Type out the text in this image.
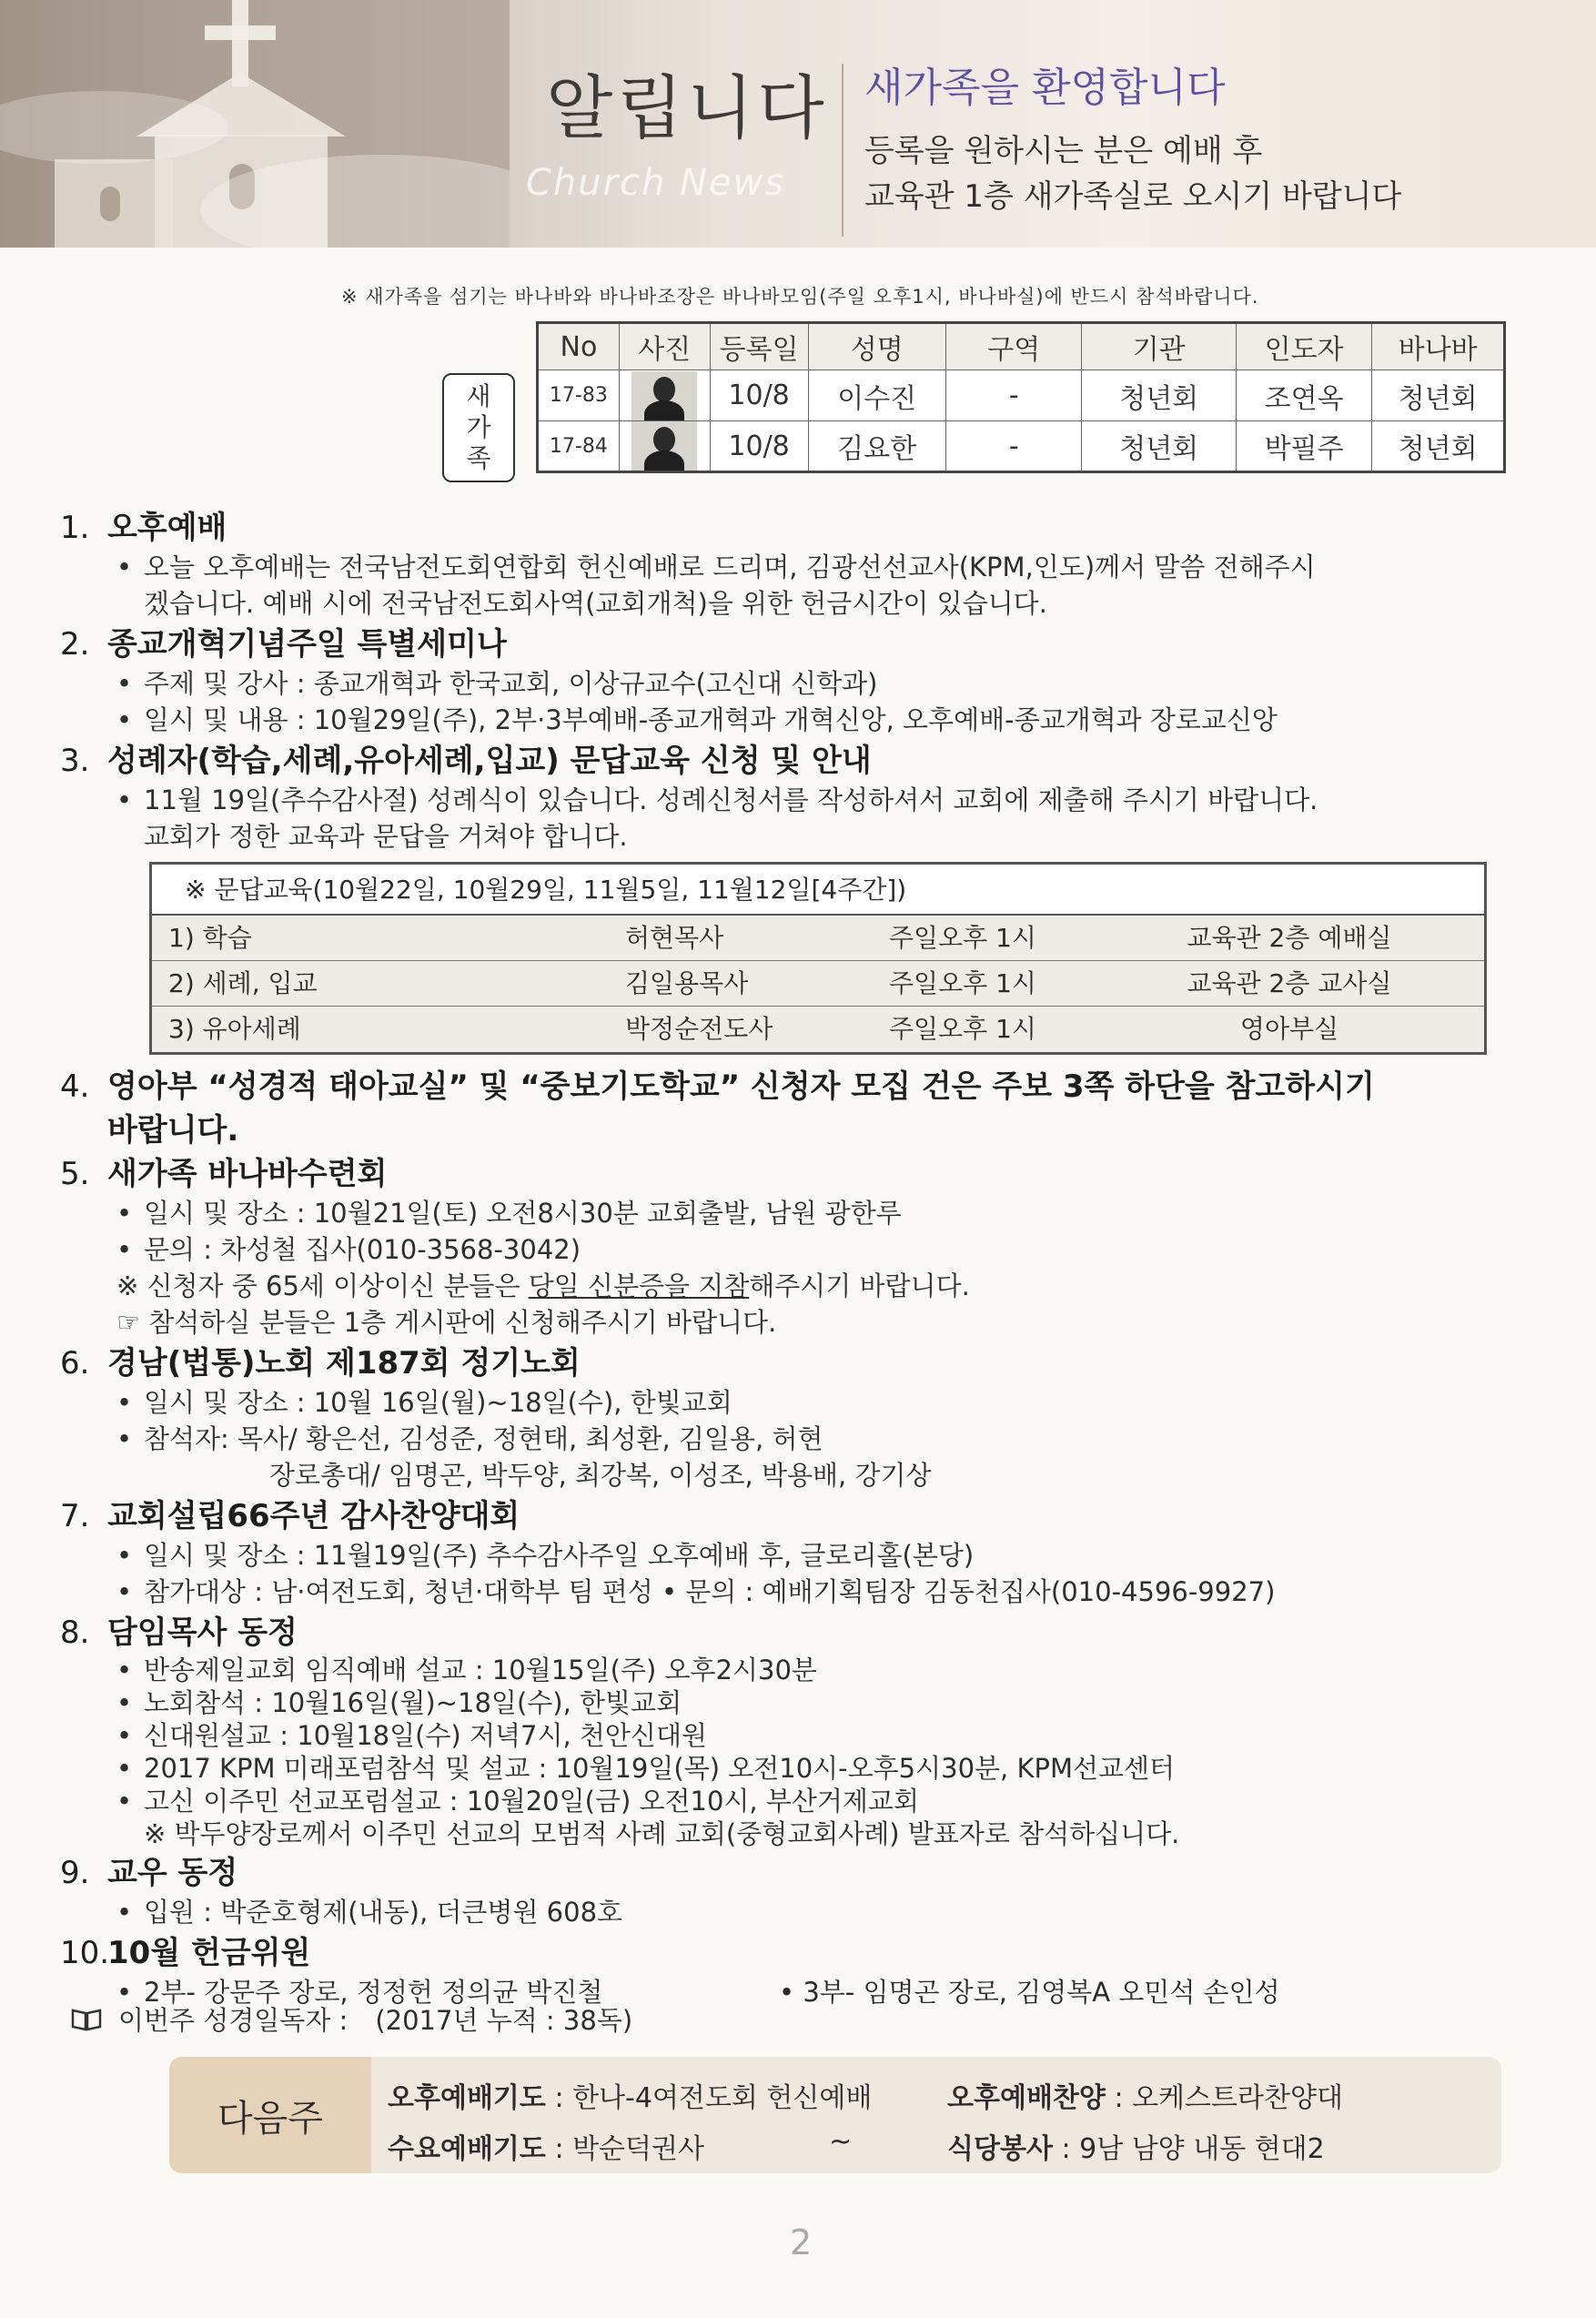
알립니다
Church News
새가족을 환영합니다
등록을 원하시는 분은 예배 후
교육관 1층 새가족실로 오시기 바랍니다
※ 새가족을 섬기는 바나바와 바나바조장은 바나바모임(주일 오후1시, 바나바실)에 반드시 참석바랍니다.
새
가
족
No	사진	등록일	성명	구역	기관	인도자	바나바
17-83		10/8	이수진	-	청년회	조연옥	청년회
17-84		10/8	김요한	-	청년회	박필주	청년회
1. 오후예배
• 오늘 오후예배는 전국남전도회연합회 헌신예배로 드리며, 김광선선교사(KPM,인도)께서 말씀 전해주시
겠습니다. 예배 시에 전국남전도회사역(교회개척)을 위한 헌금시간이 있습니다.
2. 종교개혁기념주일 특별세미나
• 주제 및 강사 : 종교개혁과 한국교회, 이상규교수(고신대 신학과)
• 일시 및 내용 : 10월29일(주), 2부·3부예배-종교개혁과 개혁신앙, 오후예배-종교개혁과 장로교신앙
3. 성례자(학습,세례,유아세례,입교) 문답교육 신청 및 안내
• 11월 19일(추수감사절) 성례식이 있습니다. 성례신청서를 작성하셔서 교회에 제출해 주시기 바랍니다.
교회가 정한 교육과 문답을 거쳐야 합니다.
※ 문답교육(10월22일, 10월29일, 11월5일, 11월12일[4주간])
1) 학습	허현목사	주일오후 1시	교육관 2층 예배실
2) 세례, 입교	김일용목사	주일오후 1시	교육관 2층 교사실
3) 유아세례	박정순전도사	주일오후 1시	영아부실
4. 영아부 “성경적 태아교실” 및 “중보기도학교” 신청자 모집 건은 주보 3쪽 하단을 참고하시기
바랍니다.
5. 새가족 바나바수련회
• 일시 및 장소 : 10월21일(토) 오전8시30분 교회출발, 남원 광한루
• 문의 : 차성철 집사(010-3568-3042)
※ 신청자 중 65세 이상이신 분들은 당일 신분증을 지참해주시기 바랍니다.
☞ 참석하실 분들은 1층 게시판에 신청해주시기 바랍니다.
6. 경남(법통)노회 제187회 정기노회
• 일시 및 장소 : 10월 16일(월)~18일(수), 한빛교회
• 참석자: 목사/ 황은선, 김성준, 정현태, 최성환, 김일용, 허현
장로총대/ 임명곤, 박두양, 최강복, 이성조, 박용배, 강기상
7. 교회설립66주년 감사찬양대회
• 일시 및 장소 : 11월19일(주) 추수감사주일 오후예배 후, 글로리홀(본당)
• 참가대상 : 남·여전도회, 청년·대학부 팀 편성 • 문의 : 예배기획팀장 김동천집사(010-4596-9927)
8. 담임목사 동정
• 반송제일교회 임직예배 설교 : 10월15일(주) 오후2시30분
• 노회참석 : 10월16일(월)~18일(수), 한빛교회
• 신대원설교 : 10월18일(수) 저녁7시, 천안신대원
• 2017 KPM 미래포럼참석 및 설교 : 10월19일(목) 오전10시-오후5시30분, KPM선교센터
• 고신 이주민 선교포럼설교 : 10월20일(금) 오전10시, 부산거제교회
※ 박두양장로께서 이주민 선교의 모범적 사례 교회(중형교회사례) 발표자로 참석하십니다.
9. 교우 동정
• 입원 : 박준호형제(내동), 더큰병원 608호
10.10월 헌금위원
• 2부- 강문주 장로, 정정헌 정의균 박진철	• 3부- 임명곤 장로, 김영복A 오민석 손인성
이번주 성경일독자 : (2017년 누적 : 38독)
다음주	오후예배기도 : 한나-4여전도회 헌신예배	오후예배찬양 : 오케스트라찬양대
수요예배기도 : 박순덕권사	~	식당봉사 : 9남 남양 내동 현대2
2
